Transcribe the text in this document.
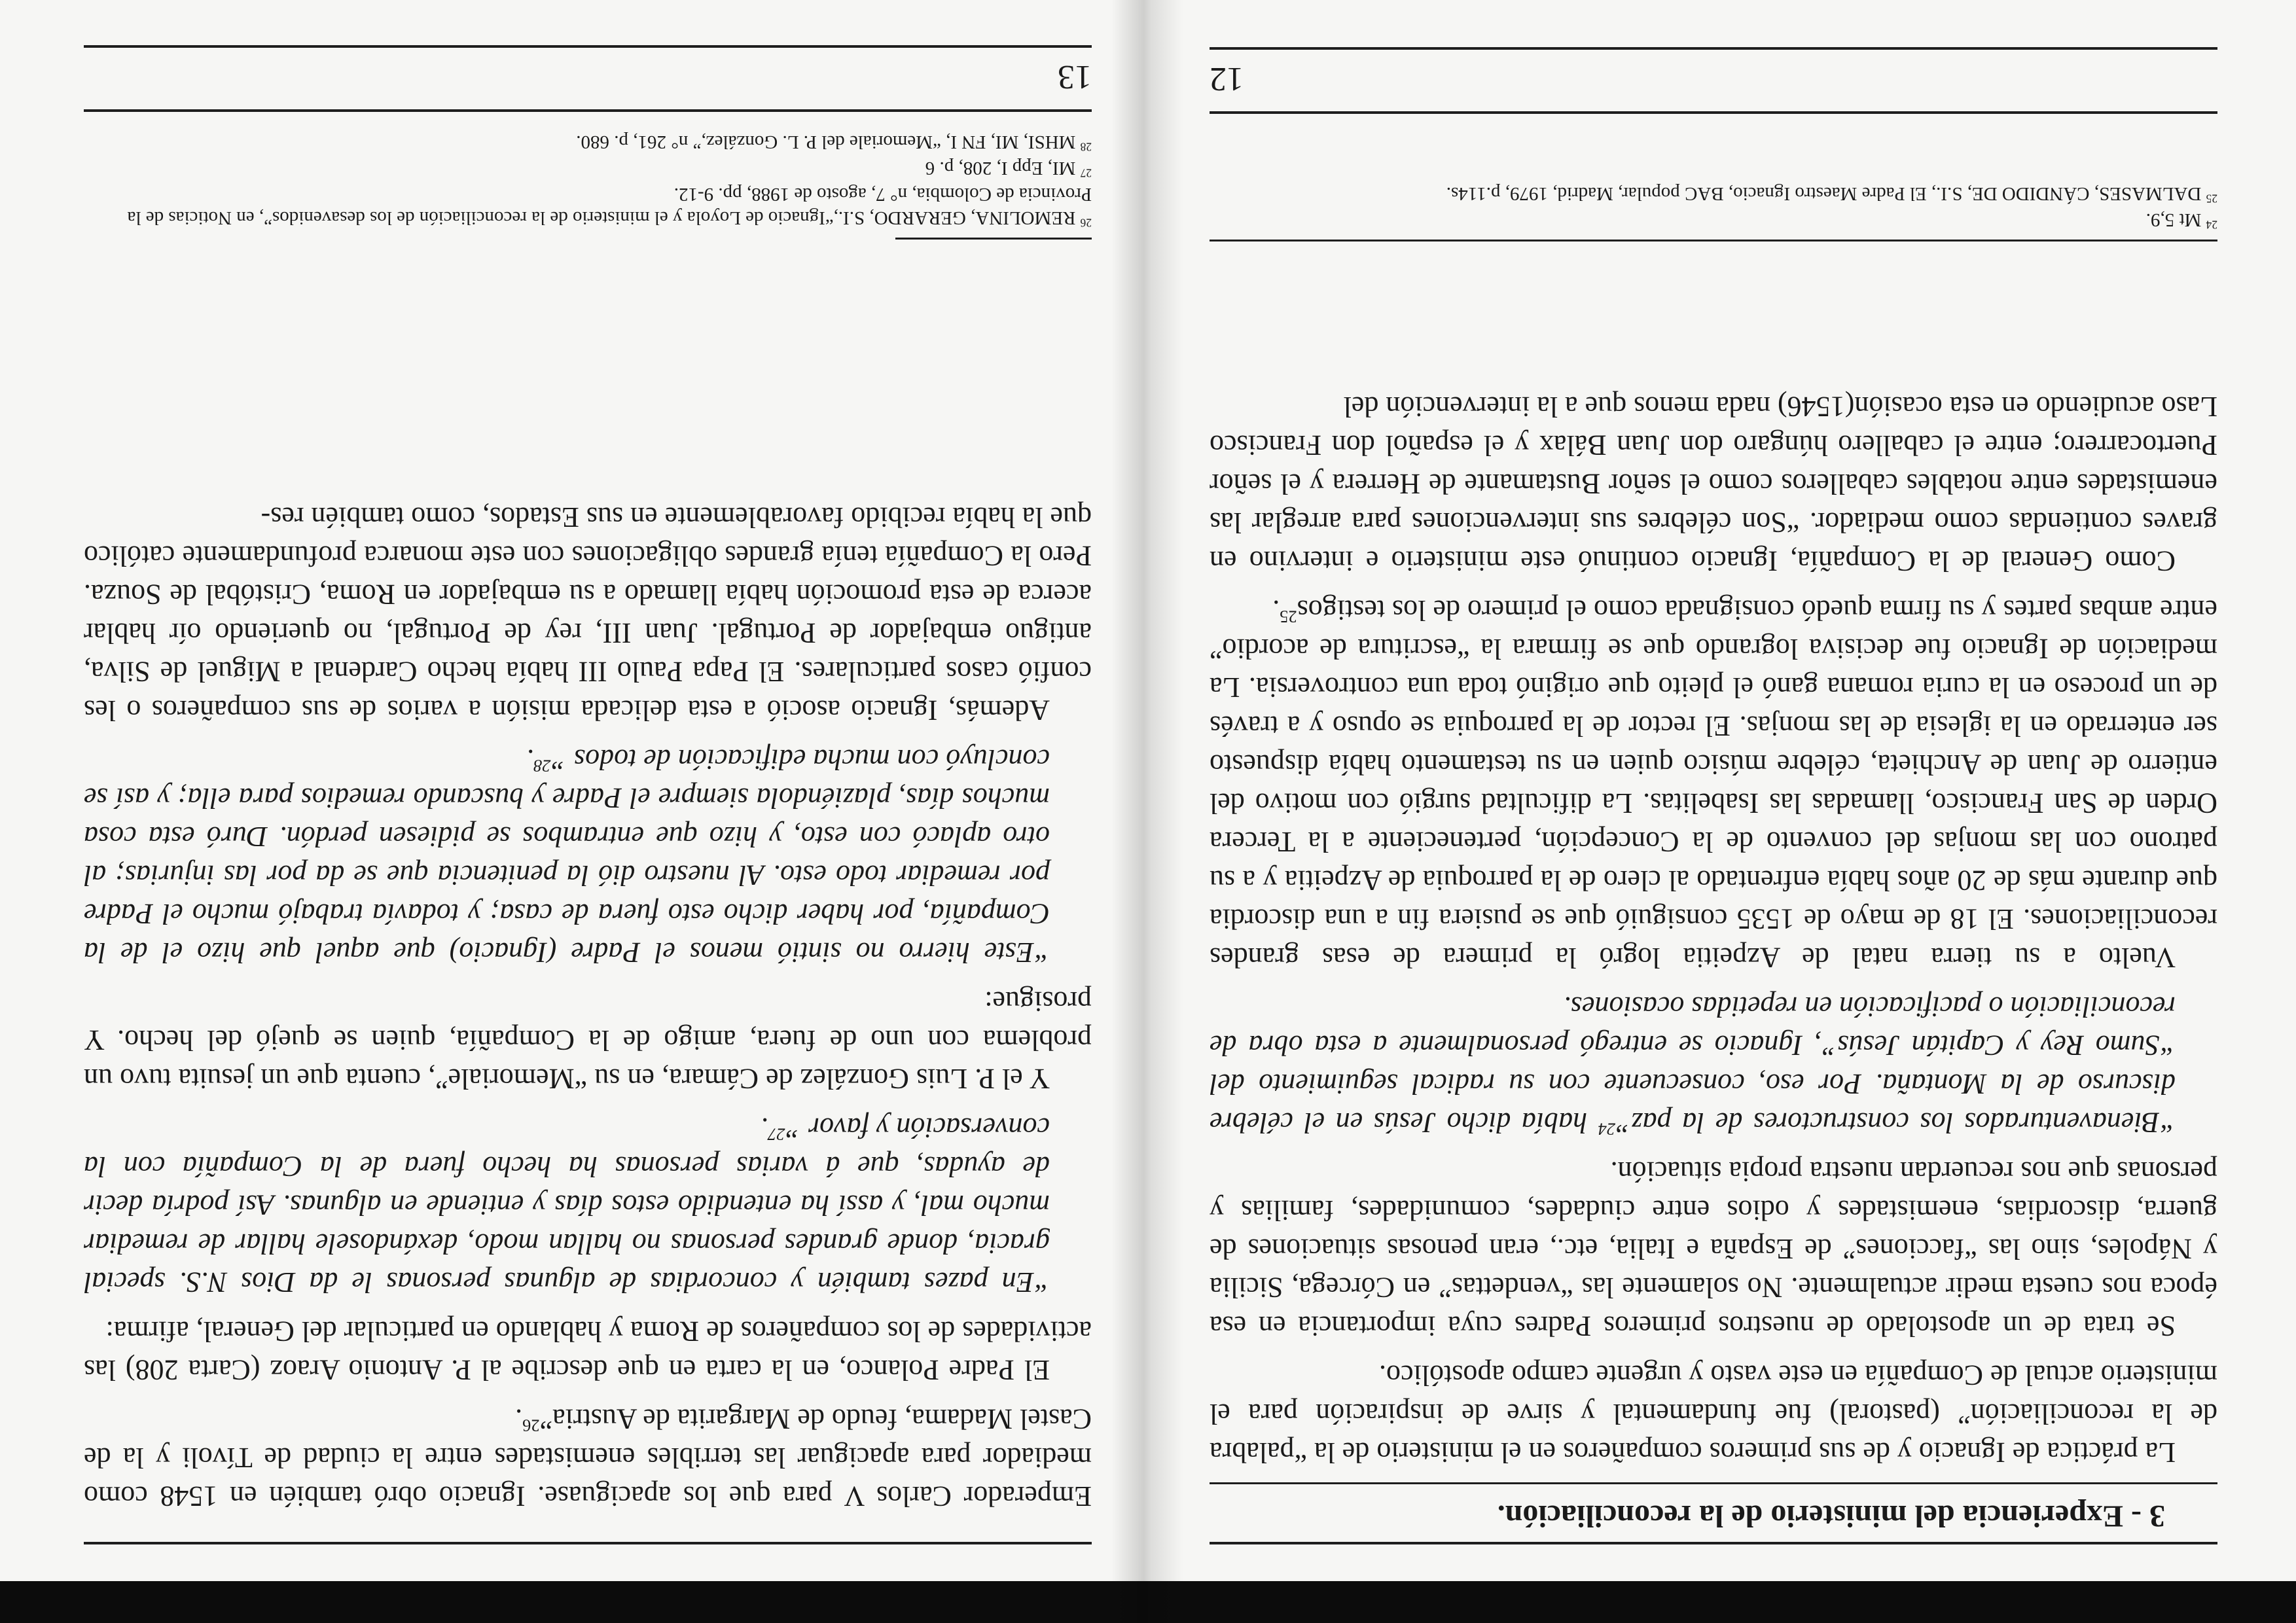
3 - Experiencia del ministerio de la reconciliación.

La práctica de Ignacio y de sus primeros compañeros en el ministerio de la “palabra de la reconciliación” (pastoral) fue fundamental y sirve de inspiración para el ministerio actual de Compañía en este vasto y urgente campo apostólico.

Se trata de un apostolado de nuestros primeros Padres cuya importancia en esa época nos cuesta medir actualmente. No solamente las “vendettas” en Córcega, Sicilia y Nápoles, sino las “facciones” de España e Italia, etc., eran penosas situaciones de guerra, discordias, enemistades y odios entre ciudades, comunidades, familias y personas que nos recuerdan nuestra propia situación.

“Bienaventurados los constructores de la paz”$^{24}$ había dicho Jesús en el célebre discurso de la Montaña. Por eso, consecuente con su radical seguimiento del “Sumo Rey y Capitán Jesús”, Ignacio se entregó personalmente a esta obra de reconciliación o pacificación en repetidas ocasiones.

Vuelto a su tierra natal de Azpeitia logró la primera de esas grandes reconciliaciones. El 18 de mayo de 1535 consiguió que se pusiera fin a una discordia que durante más de 20 años había enfrentado al clero de la parroquia de Azpeitia y a su patrono con las monjas del convento de la Concepción, perteneciente a la Tercera Orden de San Francisco, llamadas las Isabelitas. La dificultad surgió con motivo del entierro de Juan de Anchieta, célebre músico quien en su testamento había dispuesto ser enterrado en la iglesia de las monjas. El rector de la parroquia se opuso y a través de un proceso en la curia romana ganó el pleito que originó toda una controversia. La mediación de Ignacio fue decisiva logrando que se firmara la “escritura de acordio” entre ambas partes y su firma quedó consignada como el primero de los testigos$^{25}$.

Como General de la Compañía, Ignacio continuó este ministerio e intervino en graves contiendas como mediador. “Son célebres sus intervenciones para arreglar las enemistades entre notables caballeros como el señor Bustamante de Herrera y el señor Puertocarrero; entre el caballero húngaro don Juan Bálax y el español don Francisco Laso acudiendo en esta ocasión(1546) nada menos que a la intervención del

$^{24}$ Mt 5,9.

$^{25}$ DALMASES, CÁNDIDO DE, S.I., El Padre Maestro Ignacio, BAC popular, Madrid, 1979, p.114s.

12

Emperador Carlos V para que los apaciguase. Ignacio obró también en 1548 como mediador para apaciguar las terribles enemistades entre la ciudad de Tívoli y la de Castel Madama, feudo de Margarita de Austria”$^{26}$.

El Padre Polanco, en la carta en que describe al P. Antonio Araoz (Carta 208) las actividades de los compañeros de Roma y hablando en particular del General, afirma:

“En pazes también y concordias de algunas personas le da Dios N.S. special gracia, donde grandes personas no hallan modo, dexándosele hallar de remediar mucho mal, y assí ha entendido estos días y entiende en algunas. Así podría decir de ayudas, que á varias personas ha hecho fuera de la Compañía con la conversación y favor ”$^{27}$.

Y el P. Luis González de Cámara, en su “Memoriale”, cuenta que un jesuita tuvo un problema con uno de fuera, amigo de la Compañía, quien se quejó del hecho. Y prosigue:

“Este hierro no sintió menos el Padre (Ignacio) que aquel que hizo el de la Compañía, por haber dicho esto fuera de casa; y todavía trabajó mucho el Padre por remediar todo esto. Al nuestro dió la penitencia que se da por las injurias; al otro aplacó con esto, y hizo que entrambos se pidiesen perdón. Duró esta cosa muchos días, plaziéndola siempre el Padre y buscando remedios para ella; y así se concluyó con mucha edificación de todos ”$^{28}$.

Además, Ignacio asoció a esta delicada misión a varios de sus compañeros o les confió casos particulares. El Papa Paulo III había hecho Cardenal a Miguel de Silva, antiguo embajador de Portugal. Juan III, rey de Portugal, no queriendo oír hablar acerca de esta promoción había llamado a su embajador en Roma, Cristóbal de Souza. Pero la Compañía tenía grandes obligaciones con este monarca profundamente católico que la había recibido favorablemente en sus Estados, como también res-

$^{26}$ REMOLINA, GERARDO, S.I.,“Ignacio de Loyola y el ministerio de la reconciliación de los desavenidos”, en Noticias de la Provincia de Colombia, n° 7, agosto de 1988, pp. 9-12.

$^{27}$ MI, Epp I, 208, p. 6

$^{28}$ MHSI, MI, FN I, “Memoriale del P. L. González,” n° 261, p. 680.

13
